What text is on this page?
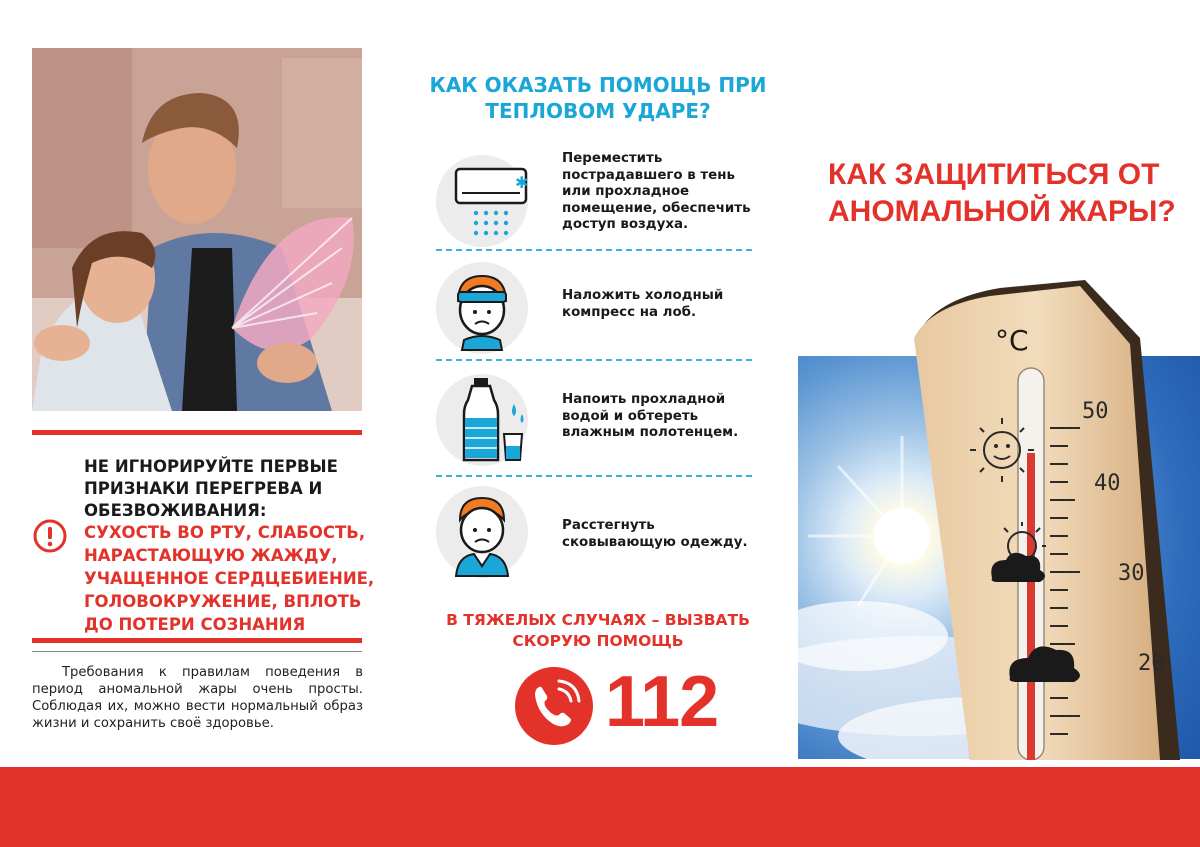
НЕ ИГНОРИРУЙТЕ ПЕРВЫЕ ПРИЗНАКИ ПЕРЕГРЕВА И ОБЕЗВОЖИВАНИЯ:
СУХОСТЬ ВО РТУ, СЛАБОСТЬ, НАРАСТАЮЩУЮ ЖАЖДУ, УЧАЩЕННОЕ СЕРДЦЕБИЕНИЕ, ГОЛОВОКРУЖЕНИЕ, ВПЛОТЬ ДО ПОТЕРИ СОЗНАНИЯ
Требования к правилам поведения в период аномальной жары очень просты. Соблюдая их, можно вести нормальный образ жизни и сохранить своё здоровье.
КАК ОКАЗАТЬ ПОМОЩЬ ПРИ ТЕПЛОВОМ УДАРЕ?
✱
Переместить пострадавшего в тень или прохладное помещение, обеспечить доступ воздуха.
Наложить холодный компресс на лоб.
Напоить прохладной водой и обтереть влажным полотенцем.
Расстегнуть сковывающую одежду.
В ТЯЖЕЛЫХ СЛУЧАЯХ – ВЫЗВАТЬ СКОРУЮ ПОМОЩЬ
112
КАК ЗАЩИТИТЬСЯ ОТ АНОМАЛЬНОЙ ЖАРЫ?
°C
50
40
30
20
